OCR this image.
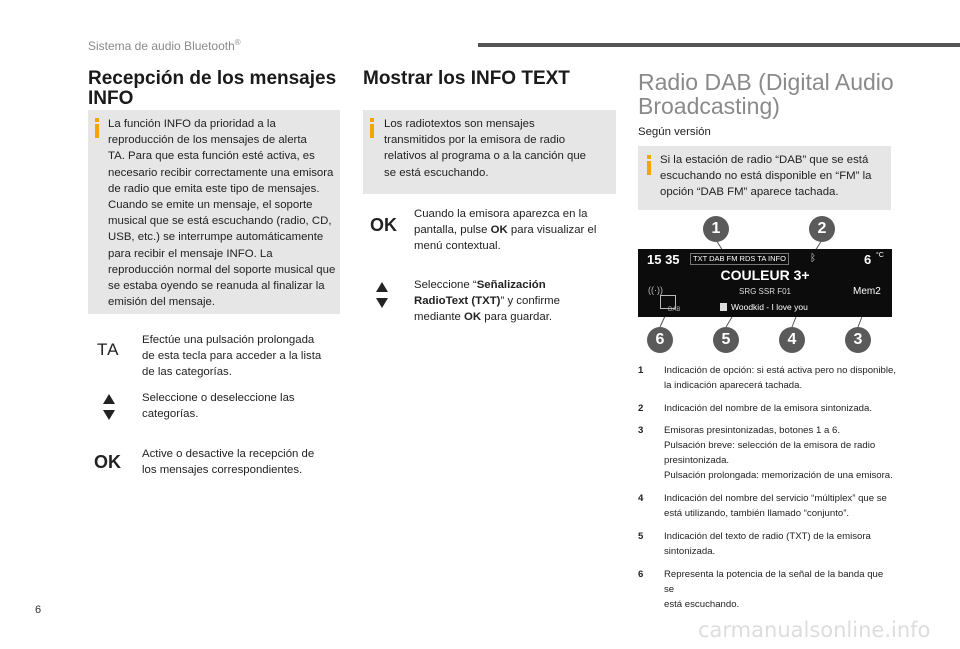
Sistema de audio Bluetooth®
Recepción de los mensajes
INFO
La función INFO da prioridad a la
reproducción de los mensajes de alerta
TA. Para que esta función esté activa, es
necesario recibir correctamente una emisora
de radio que emita este tipo de mensajes.
Cuando se emite un mensaje, el soporte
musical que se está escuchando (radio, CD,
USB, etc.) se interrumpe automáticamente
para recibir el mensaje INFO. La
reproducción normal del soporte musical que
se estaba oyendo se reanuda al finalizar la
emisión del mensaje.
TA Efectúe una pulsación prolongada
de esta tecla para acceder a la lista
de las categorías.
Seleccione o deseleccione las
categorías.
OK Active o desactive la recepción de
los mensajes correspondientes.
Mostrar los INFO TEXT
Los radiotextos son mensajes
transmitidos por la emisora de radio
relativos al programa o a la canción que
se está escuchando.
OK
Cuando la emisora aparezca en la
pantalla, pulse OK para visualizar el
menú contextual.
Seleccione “Señalización
RadioText (TXT)” y confirme
mediante OK para guardar.
Radio DAB (Digital Audio
Broadcasting)
Según versión
Si la estación de radio “DAB” que se está
escuchando no está disponible en “FM” la
opción “DAB FM” aparece tachada.
15 35	TXT DAB FM RDS TA INFO	ᛒ	6 °C
COULEUR 3+
SRG SSR F01
((·))
DAB	Woodkid - I love you
Mem2
1	2
6	5	4	3
1 Indicación de opción: si está activa pero no disponible,
la indicación aparecerá tachada.
2 Indicación del nombre de la emisora sintonizada.
3 Emisoras presintonizadas, botones 1 a 6.
Pulsación breve: selección de la emisora de radio
presintonizada.
Pulsación prolongada: memorización de una emisora.
4 Indicación del nombre del servicio “múltiplex” que se
está utilizando, también llamado “conjunto”.
5 Indicación del texto de radio (TXT) de la emisora
sintonizada.
6 Representa la potencia de la señal de la banda que se
está escuchando.
6
carmanualsonline.info
